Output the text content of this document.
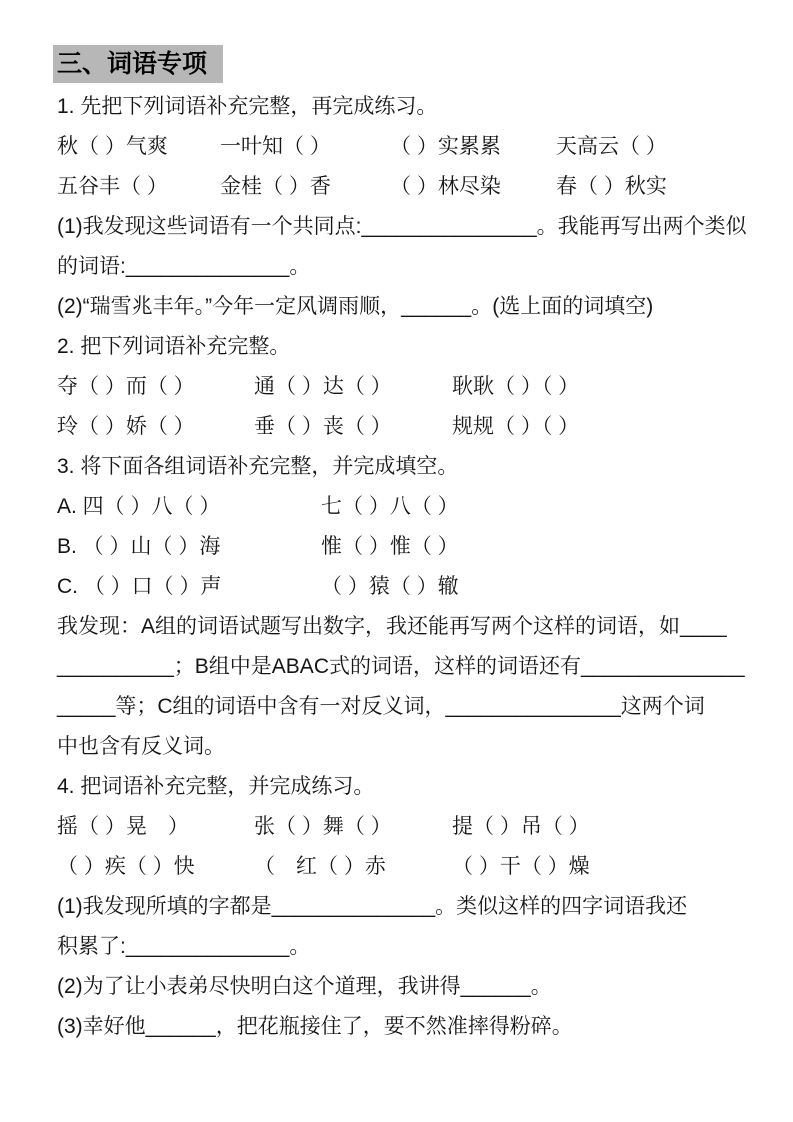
三、词语专项
1. 先把下列词语补充完整，再完成练习。
秋（ ）气爽	一叶知（ ）	（ ）实累累	天高云（ ）
五谷丰（ ）	金桂（ ）香	（ ）林尽染	春（ ）秋实
(1)我发现这些词语有一个共同点:_______________。我能再写出两个类似
的词语:______________。
(2)“瑞雪兆丰年。”今年一定风调雨顺，______。(选上面的词填空)
2. 把下列词语补充完整。
夺（ ）而（ ）	通（ ）达（ ）	耿耿（ ）（ ）
玲（ ）娇（ ）	垂（ ）丧（ ）	规规（ ）（ ）
3. 将下面各组词语补充完整，并完成填空。
A. 四（ ）八（ ）	七（ ）八（ ）
B. （ ）山（ ）海	惟（ ）惟（ ）
C. （ ）口（ ）声	（ ）猿（ ）辙
我发现：A组的词语试题写出数字，我还能再写两个这样的词语，如____
__________；B组中是ABAC式的词语，这样的词语还有______________
_____等；C组的词语中含有一对反义词，_______________这两个词
中也含有反义词。
4. 把词语补充完整，并完成练习。
摇（ ）晃　）	张（ ）舞（ ）	提（ ）吊（ ）
（ ）疾（ ）快	（　红（ ）赤	（ ）干（ ）燥
(1)我发现所填的字都是______________。类似这样的四字词语我还
积累了:______________。
(2)为了让小表弟尽快明白这个道理，我讲得______。
(3)幸好他______，把花瓶接住了，要不然准摔得粉碎。
